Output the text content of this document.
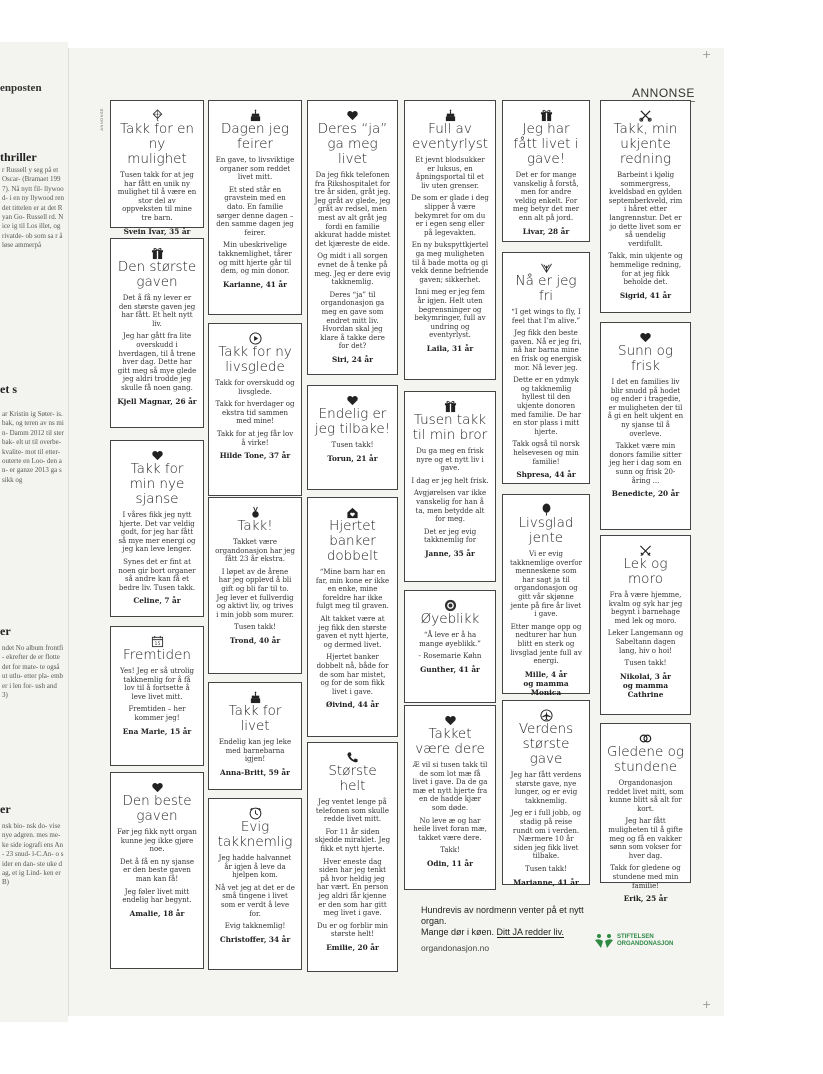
enposten
thriller
r Russell y seg på et Oscar- (Bramaet 1997). Nå nytt fil- llywood- i en ny llywood ren det tittelen er at det Ryan Go- Russell rd. Nice ig til Los illet, og rivatde- ob som sa r å løse ammerpå
et s
ar Kristin ig Søter- is. bak, og teren av ns min- Damm 2012 til sterbak- elt ut til overbe- kvalite- mot til etter- outerte en Loo- den an- er ganze 2013 ga ssikk og
er
ndet No album frontfi- ekrefter de er flotte det for mate- te også ut utlu- etter pla- ember i len for- ush and 3)
er
nsk bio- nsk do- vise nye adgren. mes me- ke side iografi ens An- 23 snud- l-C.An- o sider en dan- ste uke dag, et ig Lind- ken er B)
+
+
ANNONSE
ANNONSE Takk for en ny mulighet

Tusen takk for at jeg har fått en unik ny mulighet til å være en stor del av oppveksten til mine tre barn.

Svein Ivar, 35 år
Dagen jeg feirer

En gave, to livsviktige organer som reddet livet mitt.

Et sted står en gravstein med en dato. En familie sørger denne dagen – den samme dagen jeg feirer.

Min ubeskrivelige takknemlighet, tårer og mitt hjerte går til dem, og min donor.

Karianne, 41 år
Deres “ja” ga meg livet

Da jeg fikk telefonen fra Rikshospitalet for tre år siden, gråt jeg. Jeg gråt av glede, jeg gråt av redsel, men mest av alt gråt jeg fordi en familie akkurat hadde mistet det kjæreste de eide.

Og midt i all sorgen evnet de å tenke på meg. Jeg er dere evig takknemlig.

Deres “ja” til organdonasjon ga meg en gave som endret mitt liv. Hvordan skal jeg klare å takke dere for det?

Siri, 24 år
Full av eventyrlyst

Et jevnt blodsukker er luksus, en åpningsportal til et liv uten grenser.

De som er glade i deg slipper å være bekymret for om du er i egen seng eller på legevakten.

En ny bukspyttkjertel ga meg muligheten til å bade motta og gi vekk denne befriende gaven; sikkerhet.

Inni meg er jeg fem år igjen. Helt uten begrensninger og bekymringer, full av undring og eventyrlyst.

Laila, 31 år
Jeg har fått livet i gave!

Det er for mange vanskelig å forstå, men for andre veldig enkelt. For meg betyr det mer enn alt på jord.

Livar, 28 år
Takk, min ukjente redning

Barbeint i kjølig sommergress, kveldsbad en gylden septemberkveld, rim i håret etter langrennstur. Det er jo dette livet som er så uendelig verdifullt.

Takk, min ukjente og hemmelige redning, for at jeg fikk beholde det.

Sigrid, 41 år
Den største gaven

Det å få ny lever er den største gaven jeg har fått. Et helt nytt liv.

Jeg har gått fra lite overskudd i hverdagen, til å trene hver dag. Dette har gitt meg så mye glede jeg aldri trodde jeg skulle få noen gang.

Kjell Magnar, 26 år
Takk for ny livsglede

Takk for overskudd og livsglede.

Takk for hverdager og ekstra tid sammen med mine!

Takk for at jeg får lov å virke!

Hilde Tone, 37 år
Endelig er jeg tilbake!

Tusen takk!

Torun, 21 år
Tusen takk til min bror

Du ga meg en frisk nyre og et nytt liv i gave.

I dag er jeg helt frisk.

Avgjørelsen var ikke vanskelig for han å ta, men betydde alt for meg.

Det er jeg evig takknemlig for

Janne, 35 år
Nå er jeg fri

“I get wings to fly, I feel that I’m alive.”

Jeg fikk den beste gaven. Nå er jeg fri, nå har barna mine en frisk og energisk mor. Nå lever jeg.

Dette er en ydmyk og takknemlig hyllest til den ukjente donoren med familie. De har en stor plass i mitt hjerte.

Takk også til norsk helsevesen og min familie!

Shpresa, 44 år
Sunn og frisk

I det en families liv blir snudd på hodet og ender i tragedie, er muligheten der til å gi en helt ukjent en ny sjanse til å overleve.

Takket være min donors familie sitter jeg her i dag som en sunn og frisk 20-åring ...

Benedicte, 20 år
Takk for min nye sjanse

I våres fikk jeg nytt hjerte. Det var veldig godt, for jeg har fått så mye mer energi og jeg kan leve lenger.

Synes det er fint at noen gir bort organer så andre kan få et bedre liv. Tusen takk.

Celine, 7 år
Takk!

Takket være organdonasjon har jeg fått 23 år ekstra.

I løpet av de årene har jeg opplevd å bli gift og bli far til to. Jeg lever et fullverdig og aktivt liv, og trives i min jobb som murer.

Tusen takk!

Trond, 40 år
Hjertet banker dobbelt

“Mine barn har en far, min kone er ikke en enke, mine foreldre har ikke fulgt meg til graven.

Alt takket være at jeg fikk den største gaven et nytt hjerte, og dermed livet.

Hjertet banker dobbelt nå, både for de som har mistet, og for de som fikk livet i gave.

Øivind, 44 år
Øyeblikk

“Å leve er å ha mange øyeblikk.”

- Rosemarie Køhn

Gunther, 41 år
Livsglad jente

Vi er evig takknemlige overfor menneskene som har sagt ja til organdonasjon og gitt vår skjønne jente på fire år livet i gave.

Etter mange opp og nedturer har hun blitt en sterk og livsglad jente full av energi.

Mille, 4 år
og mamma Monica
Lek og moro

Fra å være hjemme, kvalm og syk har jeg begynt i barnehage med lek og moro.

Leker Langemann og Sabeltann dagen lang, hiv o hoi!

Tusen takk!

Nikolai, 3 år
og mamma
Cathrine
15
Fremtiden

Yes! Jeg er så utrolig takknemlig for å få lov til å fortsette å leve livet mitt.

Fremtiden – her kommer jeg!

Ena Marie, 15 år
Takk for livet

Endelig kan jeg leke med barnebarna igjen!

Anna-Britt, 59 år	Største helt

Jeg ventet lenge på telefonen som skulle redde livet mitt.

For 11 år siden skjedde miraklet. Jeg fikk et nytt hjerte.

Hver eneste dag siden har jeg tenkt på hvor heldig jeg har vært. En person jeg aldri får kjenne er den som har gitt meg livet i gave.

Du er og forblir min største helt!

Emilie, 20 år
Takket være dere

Æ vil si tusen takk til de som lot mæ få livet i gave. Da de ga mæ et nytt hjerte fra en de hadde kjær som døde.

No leve æ og har heile livet foran mæ, takket være dere.

Takk!

Odin, 11 år
Verdens største gave

Jeg har fått verdens største gave, nye lunger, og er evig takknemlig.

Jeg er i full jobb, og stadig på reise rundt om i verden. Nærmere 10 år siden jeg fikk livet tilbake.

Tusen takk!

Marianne, 41 år
Gledene og stundene

Organdonasjon reddet livet mitt, som kunne blitt så alt for kort.

Jeg har fått muligheten til å gifte meg og få en vakker sønn som vokser for hver dag.

Takk for gledene og stundene med min familie!

Erik, 25 år
Den beste gaven

Før jeg fikk nytt organ kunne jeg ikke gjøre noe.

Det å få en ny sjanse er den beste gaven man kan få!

Jeg føler livet mitt endelig har begynt.

Amalie, 18 år
Evig takknemlig

Jeg hadde halvannet år igjen å leve da hjelpen kom.

Nå vet jeg at det er de små tingene i livet som er verdt å leve for.

Evig takknemlig!

Christoffer, 34 år
Hundrevis av nordmenn venter på et nytt organ.
Mange dør i køen. Ditt JA redder liv.
organdonasjon.no
STIFTELSEN
ORGANDONASJON
